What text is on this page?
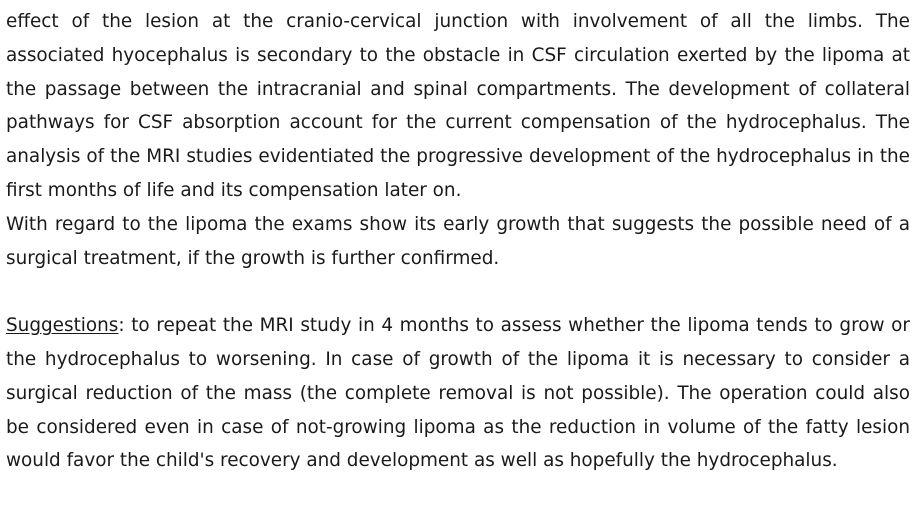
effect of the lesion at the cranio-cervical junction with involvement of all the limbs. The associated hyocephalus is secondary to the obstacle in CSF circulation exerted by the lipoma at the passage between the intracranial and spinal compartments. The development of collateral pathways for CSF absorption account for the current compensation of the hydrocephalus. The analysis of the MRI studies evidentiated the progressive development of the hydrocephalus in the first months of life and its compensation later on.

With regard to the lipoma the exams show its early growth that suggests the possible need of a surgical treatment, if the growth is further confirmed.

Suggestions: to repeat the MRI study in 4 months to assess whether the lipoma tends to grow or the hydrocephalus to worsening. In case of growth of the lipoma it is necessary to consider a surgical reduction of the mass (the complete removal is not possible). The operation could also be considered even in case of not-growing lipoma as the reduction in volume of the fatty lesion would favor the child's recovery and development as well as hopefully the hydrocephalus.
